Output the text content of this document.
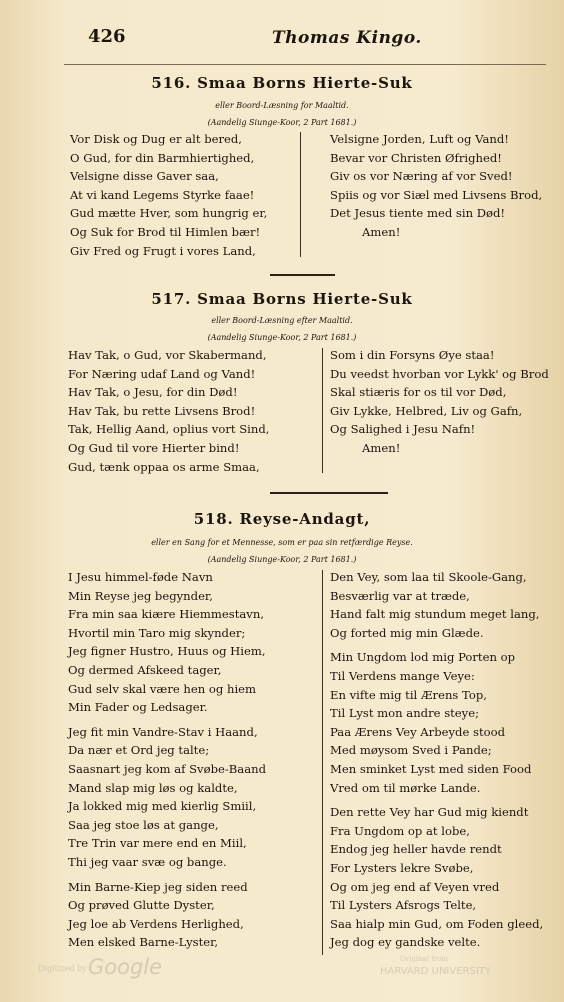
426	Thomas Kingo.
516. Smaa Borns Hierte-Suk
eller Boord-Læsning for Maaltid.
(Aandelig Siunge-Koor, 2 Part 1681.)
Vor Disk og Dug er alt bered,
O Gud, for din Barmhiertighed,
Velsigne disse Gaver saa,
At vi kand Legems Styrke faae!
Gud mætte Hver, som hungrig er,
Og Suk for Brod til Himlen bær!
Giv Fred og Frugt i vores Land,
Velsigne Jorden, Luft og Vand!
Bevar vor Christen Øfrighed!
Giv os vor Næring af vor Sved!
Spiis og vor Siæl med Livsens Brod,
Det Jesus tiente med sin Død!
Amen!
517. Smaa Borns Hierte-Suk
eller Boord-Læsning efter Maaltid.
(Aandelig Siunge-Koor, 2 Part 1681.)
Hav Tak, o Gud, vor Skabermand,
For Næring udaf Land og Vand!
Hav Tak, o Jesu, for din Død!
Hav Tak, bu rette Livsens Brod!
Tak, Hellig Aand, oplius vort Sind,
Og Gud til vore Hierter bind!
Gud, tænk oppaa os arme Smaa,
Som i din Forsyns Øye staa!
Du veedst hvorban vor Lykk' og Brod
Skal stiæris for os til vor Død,
Giv Lykke, Helbred, Liv og Gafn,
Og Salighed i Jesu Nafn!
Amen!
518. Reyse-Andagt,
eller en Sang for et Mennesse, som er paa sin retfærdige Reyse.
(Aandelig Siunge-Koor, 2 Part 1681.)
I Jesu himmel-føde Navn
Min Reyse jeg begynder,
Fra min saa kiære Hiemmestavn,
Hvortil min Taro mig skynder;
Jeg figner Hustro, Huus og Hiem,
Og dermed Afskeed tager,
Gud selv skal være hen og hiem
Min Fader og Ledsager.
Jeg fit min Vandre-Stav i Haand,
Da nær et Ord jeg talte;
Saasnart jeg kom af Svøbe-Baand
Mand slap mig løs og kaldte,
Ja lokked mig med kierlig Smiil,
Saa jeg stoe løs at gange,
Tre Trin var mere end en Miil,
Thi jeg vaar svæ og bange.
Min Barne-Kiep jeg siden reed
Og prøved Glutte Dyster,
Jeg loe ab Verdens Herlighed,
Men elsked Barne-Lyster,
Den Vey, som laa til Skoole-Gang,
Besværlig var at træde,
Hand falt mig stundum meget lang,
Og forted mig min Glæde.
Min Ungdom lod mig Porten op
Til Verdens mange Veye:
En vifte mig til Ærens Top,
Til Lyst mon andre steye;
Paa Ærens Vey Arbeyde stood
Med møysom Sved i Pande;
Men sminket Lyst med siden Food
Vred om til mørke Lande.
Den rette Vey har Gud mig kiendt
Fra Ungdom op at lobe,
Endog jeg heller havde rendt
For Lysters lekre Svøbe,
Og om jeg end af Veyen vred
Til Lysters Afsrogs Telte,
Saa hialp min Gud, om Foden gleed,
Jeg dog ey gandske velte.
Digitized by Google	Original from
HARVARD UNIVERSITY
